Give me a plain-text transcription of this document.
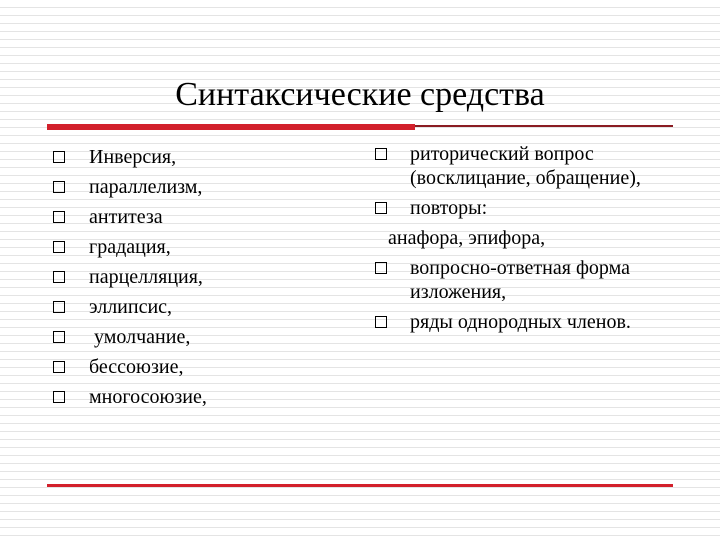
Синтаксические средства
Инверсия,
параллелизм,
антитеза
градация,
парцелляция,
эллипсис,
умолчание,
бессоюзие,
многосоюзие,
риторический вопрос
(восклицание, обращение),
повторы:
анафора, эпифора,
вопросно-ответная форма
изложения,
ряды однородных членов.
